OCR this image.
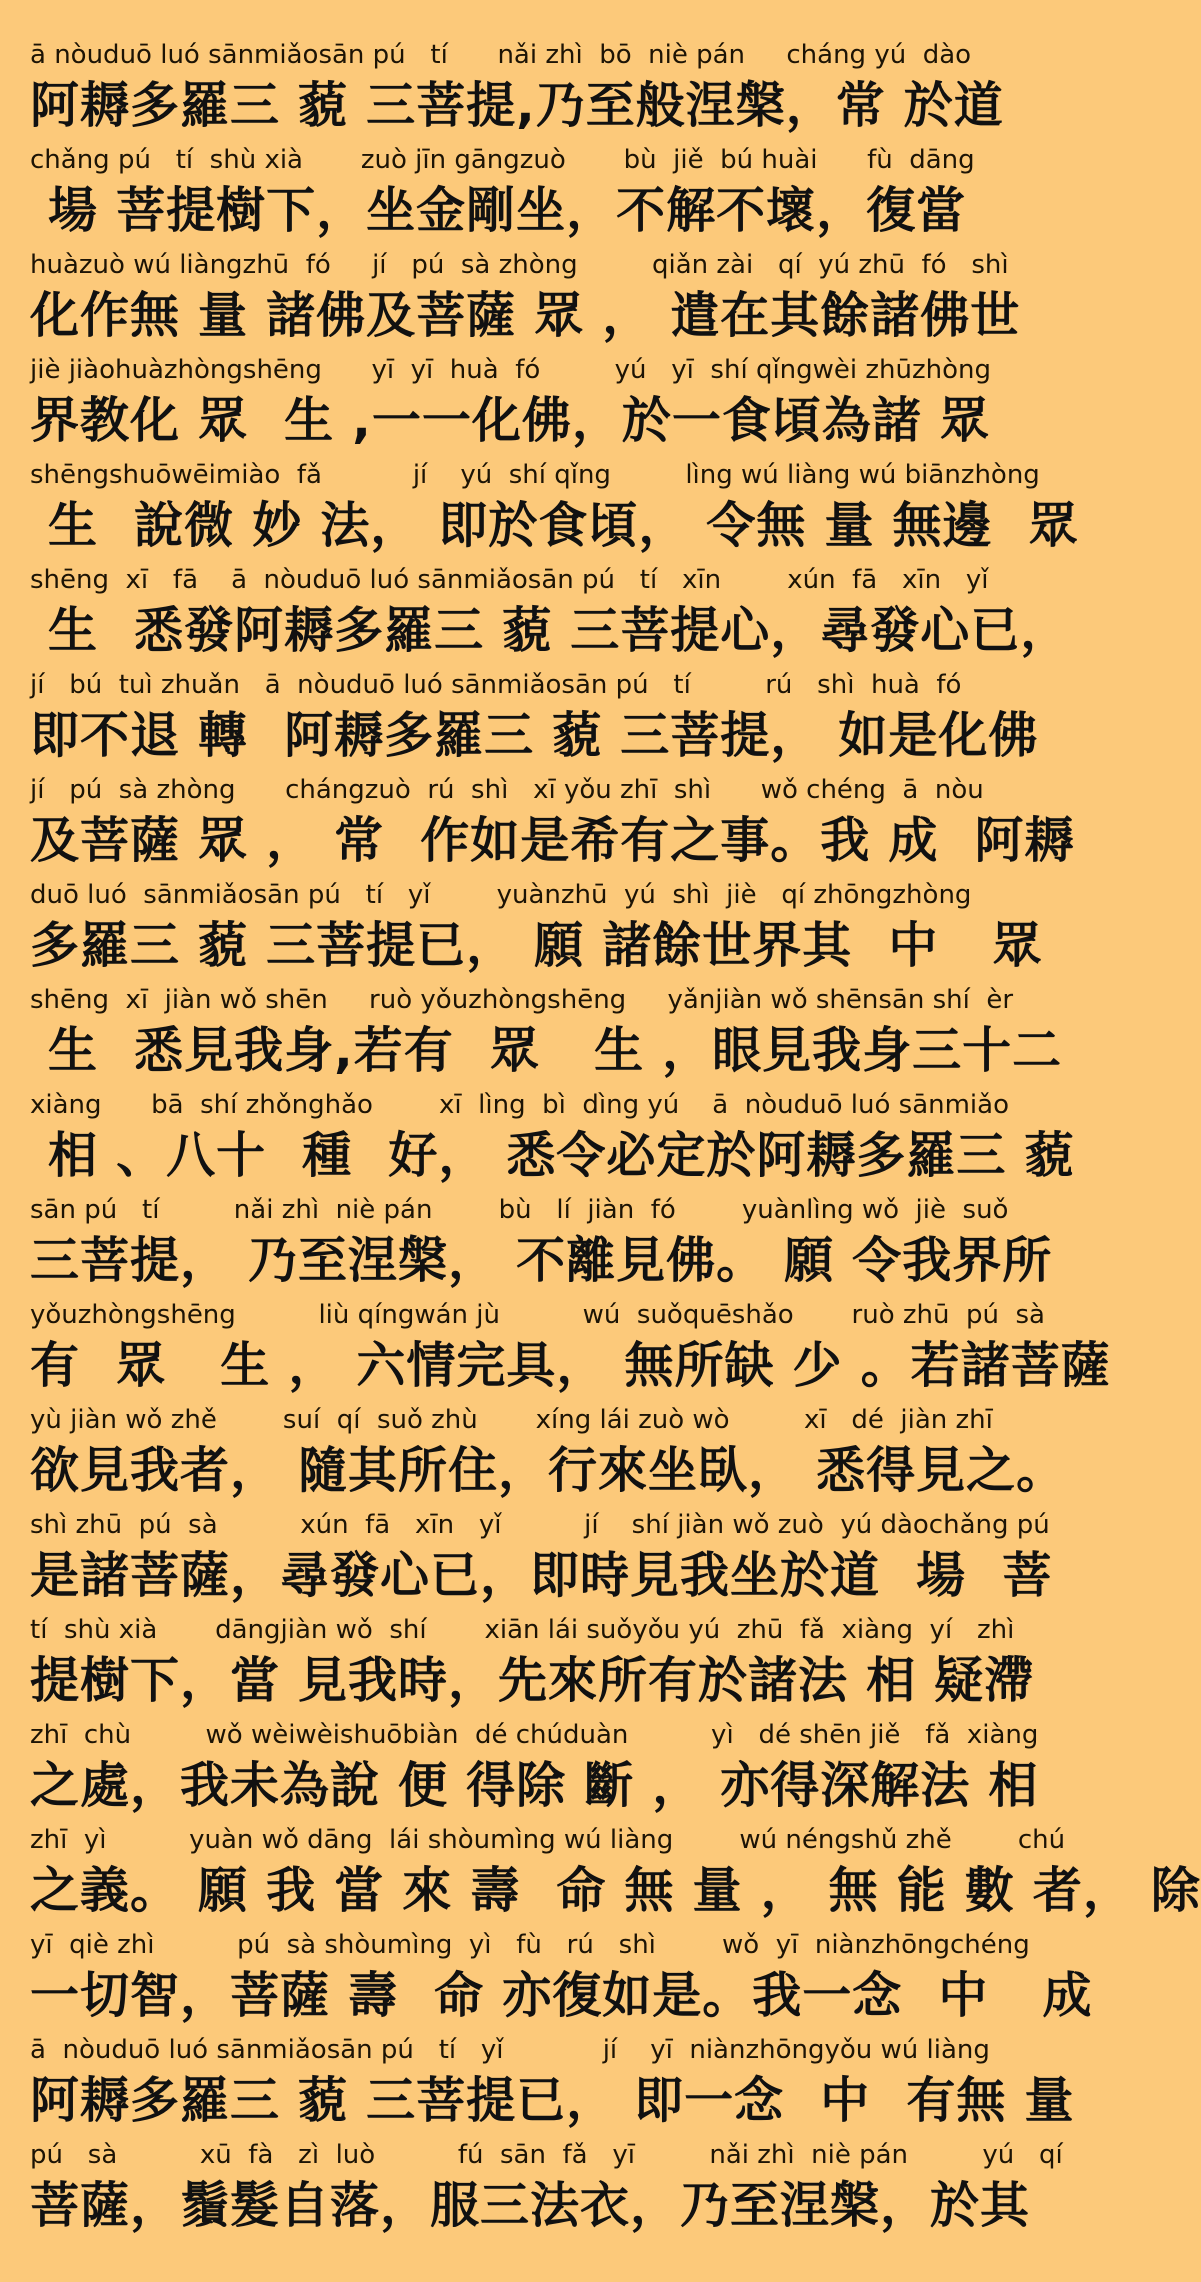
ā nòuduō luó sānmiǎosān pú   tí      nǎi zhì  bō  niè pán     cháng yú  dào
阿耨多羅三 藐 三菩提,乃至般涅槃，常 於道
chǎng pú   tí  shù xià       zuò jīn gāngzuò       bù  jiě  bú huài      fù  dāng
場 菩提樹下，坐金剛坐，不解不壞，復當
huàzuò wú liàngzhū  fó     jí   pú  sà zhòng         qiǎn zài   qí  yú zhū  fó   shì
化作無 量 諸佛及菩薩 眾 ， 遣在其餘諸佛世
jiè jiàohuàzhòngshēng      yī  yī  huà  fó         yú   yī  shí qǐngwèi zhūzhòng
界教化 眾  生 ,一一化佛，於一食頃為諸 眾
shēngshuōwēimiào  fǎ           jí    yú  shí qǐng         lìng wú liàng wú biānzhòng
生  說微 妙 法， 即於食頃， 令無 量 無邊  眾
shēng  xī   fā    ā  nòuduō luó sānmiǎosān pú   tí   xīn        xún  fā   xīn   yǐ
生  悉發阿耨多羅三 藐 三菩提心，尋發心已，
jí   bú  tuì zhuǎn   ā  nòuduō luó sānmiǎosān pú   tí         rú   shì  huà  fó
即不退 轉  阿耨多羅三 藐 三菩提， 如是化佛
jí   pú  sà zhòng      chángzuò  rú  shì   xī yǒu zhī  shì      wǒ chéng  ā  nòu
及菩薩 眾 ， 常  作如是希有之事。我 成  阿耨
duō luó  sānmiǎosān pú   tí   yǐ        yuànzhū  yú  shì  jiè   qí zhōngzhòng
多羅三 藐 三菩提已， 願 諸餘世界其  中   眾
shēng  xī  jiàn wǒ shēn     ruò yǒuzhòngshēng     yǎnjiàn wǒ shēnsān shí  èr
生  悉見我身,若有  眾   生 ，眼見我身三十二
xiàng      bā  shí zhǒnghǎo        xī  lìng  bì  dìng yú    ā  nòuduō luó sānmiǎo
相 、八十  種  好， 悉令必定於阿耨多羅三 藐
sān pú   tí         nǎi zhì  niè pán        bù   lí  jiàn  fó        yuànlìng wǒ  jiè  suǒ
三菩提， 乃至涅槃， 不離見佛。 願 令我界所
yǒuzhòngshēng          liù qíngwán jù          wú  suǒquēshǎo       ruò zhū  pú  sà
有  眾   生 ， 六情完具， 無所缺 少 。若諸菩薩
yù jiàn wǒ zhě        suí  qí  suǒ zhù       xíng lái zuò wò         xī   dé  jiàn zhī
欲見我者， 隨其所住，行來坐臥， 悉得見之。
shì zhū  pú  sà          xún  fā   xīn   yǐ          jí    shí jiàn wǒ zuò  yú dàochǎng pú
是諸菩薩，尋發心已，即時見我坐於道  場  菩
tí  shù xià       dāngjiàn wǒ  shí       xiān lái suǒyǒu yú  zhū  fǎ  xiàng  yí   zhì
提樹下，當 見我時，先來所有於諸法 相 疑滯
zhī  chù         wǒ wèiwèishuōbiàn  dé chúduàn          yì   dé shēn jiě   fǎ  xiàng
之處，我未為說 便 得除 斷 ， 亦得深解法 相
zhī  yì          yuàn wǒ dāng  lái shòumìng wú liàng        wú néngshǔ zhě        chú
之義。 願 我 當 來 壽  命 無 量 ， 無 能 數 者， 除
yī  qiè zhì          pú  sà shòumìng  yì   fù   rú   shì        wǒ  yī  niànzhōngchéng
一切智，菩薩 壽  命 亦復如是。我一念  中   成
ā  nòuduō luó sānmiǎosān pú   tí   yǐ            jí    yī  niànzhōngyǒu wú liàng
阿耨多羅三 藐 三菩提已， 即一念  中  有無 量
pú   sà          xū  fà   zì  luò          fú  sān  fǎ   yī         nǎi zhì  niè pán         yú   qí
菩薩，鬚髮自落，服三法衣，乃至涅槃，於其
